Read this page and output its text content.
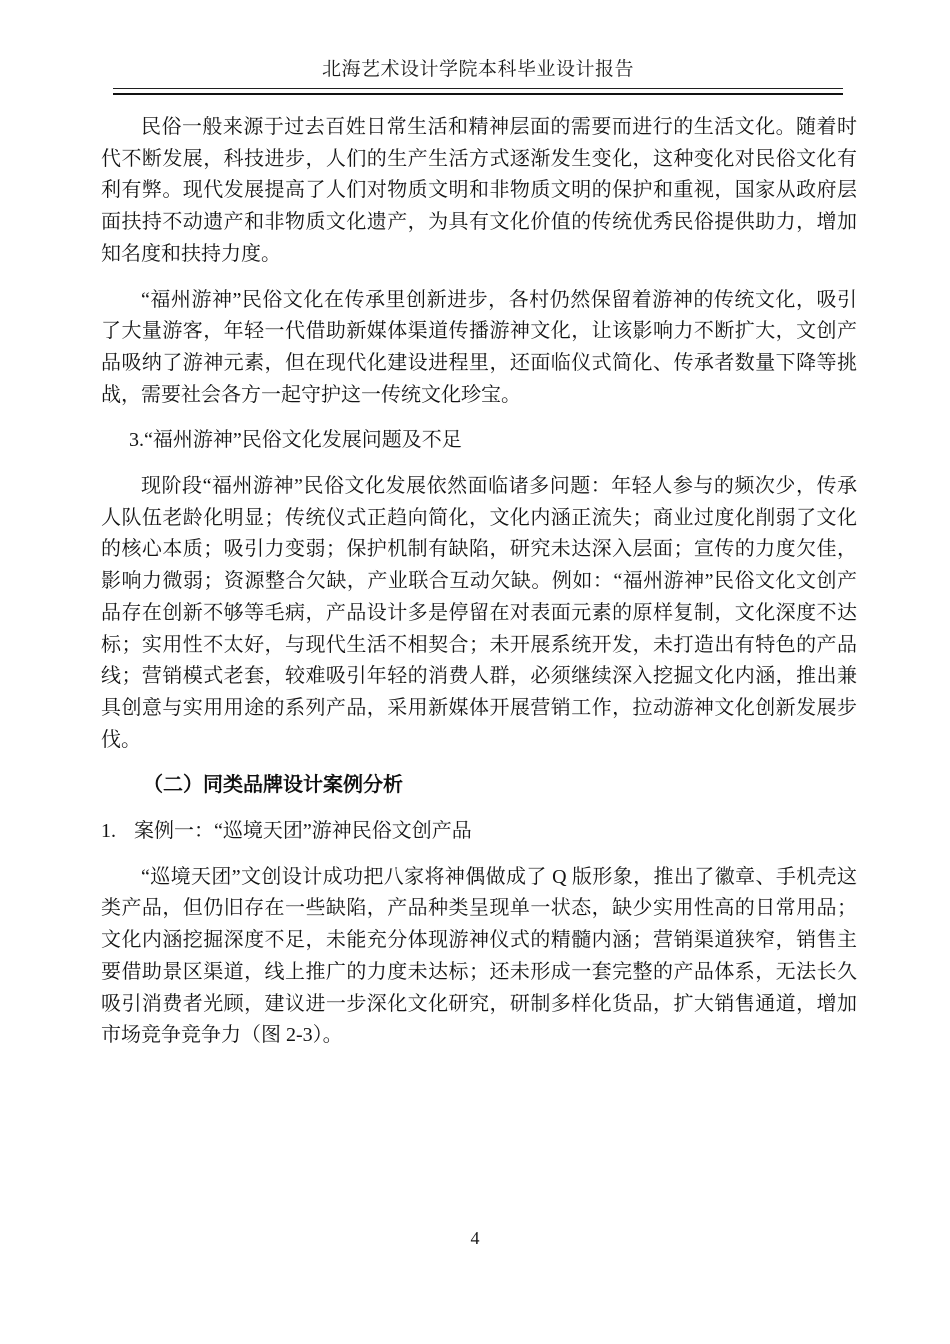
北海艺术设计学院本科毕业设计报告

民俗一般来源于过去百姓日常生活和精神层面的需要而进行的生活文化。随着时代不断发展，科技进步，人们的生产生活方式逐渐发生变化，这种变化对民俗文化有利有弊。现代发展提高了人们对物质文明和非物质文明的保护和重视，国家从政府层面扶持不动遗产和非物质文化遗产，为具有文化价值的传统优秀民俗提供助力，增加知名度和扶持力度。

“福州游神”民俗文化在传承里创新进步，各村仍然保留着游神的传统文化，吸引了大量游客，年轻一代借助新媒体渠道传播游神文化，让该影响力不断扩大，文创产品吸纳了游神元素，但在现代化建设进程里，还面临仪式简化、传承者数量下降等挑战，需要社会各方一起守护这一传统文化珍宝。

3.“福州游神”民俗文化发展问题及不足

现阶段“福州游神”民俗文化发展依然面临诸多问题：年轻人参与的频次少，传承人队伍老龄化明显；传统仪式正趋向简化，文化内涵正流失；商业过度化削弱了文化的核心本质；吸引力变弱；保护机制有缺陷，研究未达深入层面；宣传的力度欠佳，影响力微弱；资源整合欠缺，产业联合互动欠缺。例如：“福州游神”民俗文化文创产品存在创新不够等毛病，产品设计多是停留在对表面元素的原样复制，文化深度不达标；实用性不太好，与现代生活不相契合；未开展系统开发，未打造出有特色的产品线；营销模式老套，较难吸引年轻的消费人群，必须继续深入挖掘文化内涵，推出兼具创意与实用用途的系列产品，采用新媒体开展营销工作，拉动游神文化创新发展步伐。

（二）同类品牌设计案例分析
1. 案例一：“巡境天团”游神民俗文创产品

“巡境天团”文创设计成功把八家将神偶做成了 Q 版形象，推出了徽章、手机壳这类产品，但仍旧存在一些缺陷，产品种类呈现单一状态，缺少实用性高的日常用品；文化内涵挖掘深度不足，未能充分体现游神仪式的精髓内涵；营销渠道狭窄，销售主要借助景区渠道，线上推广的力度未达标；还未形成一套完整的产品体系，无法长久吸引消费者光顾，建议进一步深化文化研究，研制多样化货品，扩大销售通道，增加市场竞争竞争力（图 2-3）。

4
